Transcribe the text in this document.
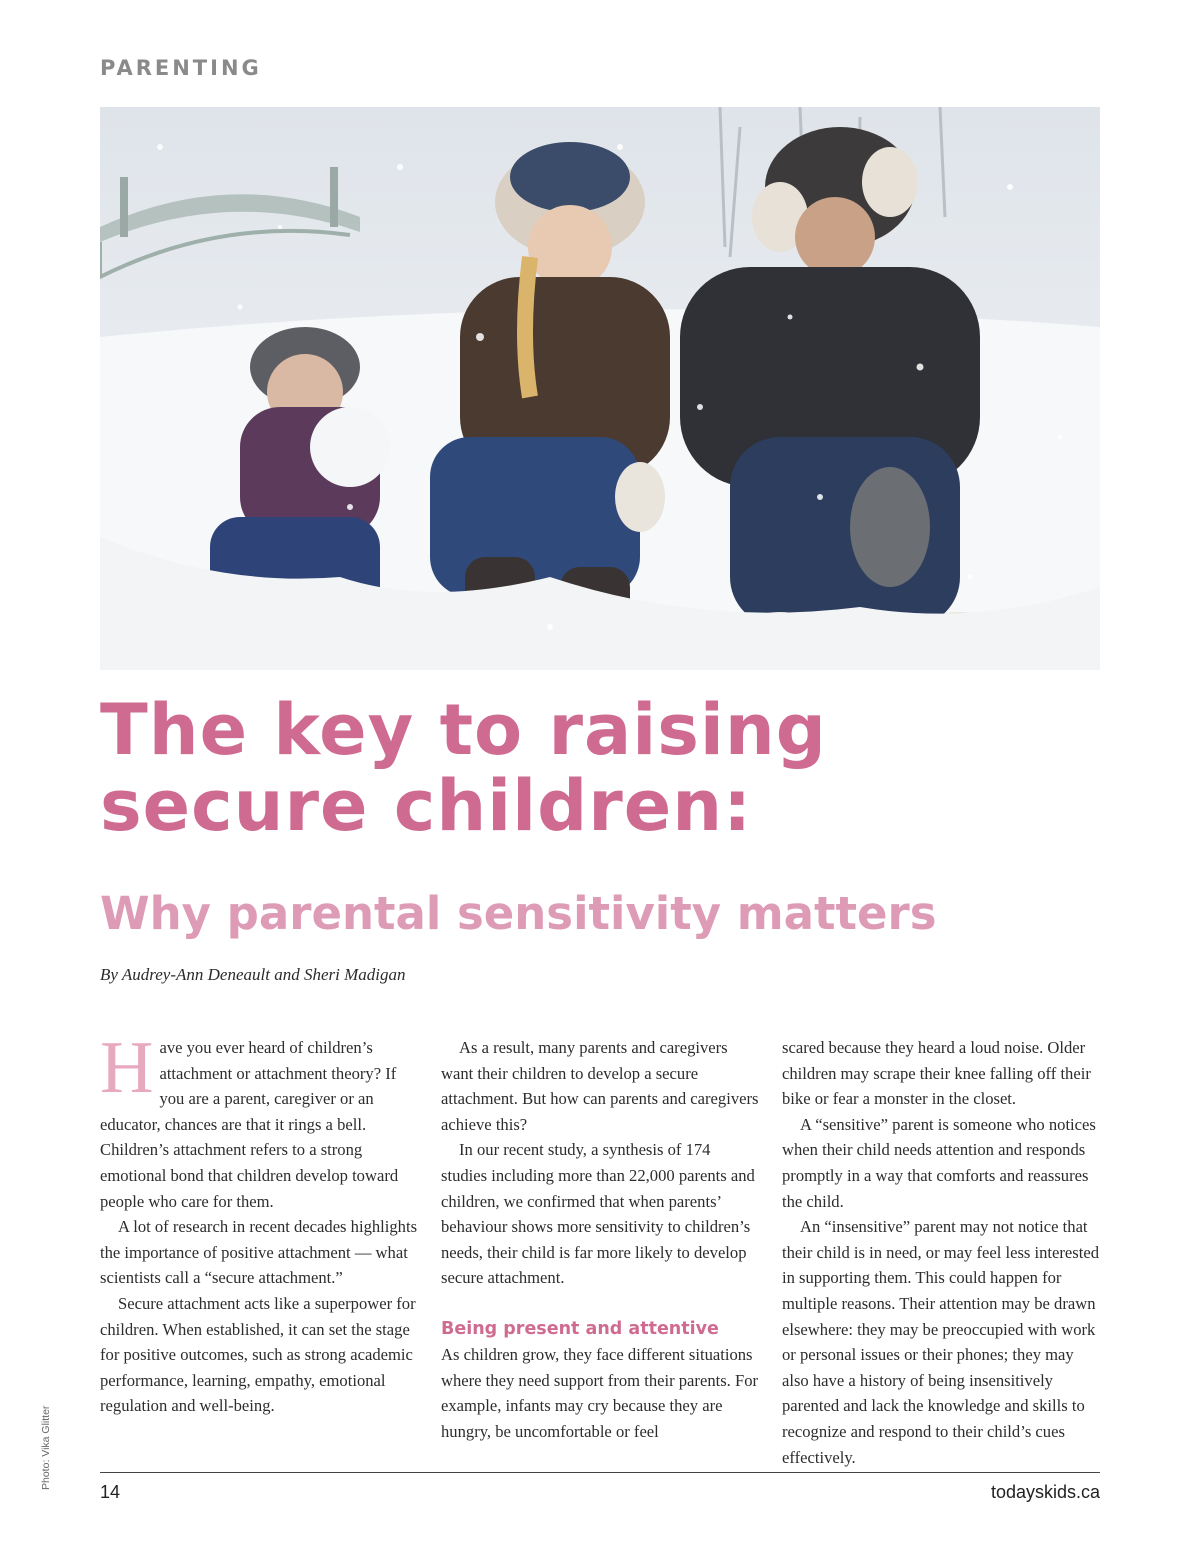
PARENTING
The key to raising
secure children:
Why parental sensitivity matters
By Audrey-Ann Deneault and Sheri Madigan

Have you ever heard of children’s attachment or attachment theory? If you are a parent, caregiver or an educator, chances are that it rings a bell. Children’s attachment refers to a strong emotional bond that children develop toward people who care for them.

A lot of research in recent decades highlights the importance of positive attachment — what scientists call a “secure attachment.”

Secure attachment acts like a superpower for children. When established, it can set the stage for positive outcomes, such as strong academic performance, learning, empathy, emotional regulation and well-being.

As a result, many parents and caregivers want their children to develop a secure attachment. But how can parents and caregivers achieve this?

In our recent study, a synthesis of 174 studies including more than 22,000 parents and children, we confirmed that when parents’ behaviour shows more sensitivity to children’s needs, their child is far more likely to develop secure attachment.

Being present and attentive

As children grow, they face different situations where they need support from their parents. For example, infants may cry because they are hungry, be uncomfortable or feel

scared because they heard a loud noise. Older children may scrape their knee falling off their bike or fear a monster in the closet.

A “sensitive” parent is someone who notices when their child needs attention and responds promptly in a way that comforts and reassures the child.

An “insensitive” parent may not notice that their child is in need, or may feel less interested in supporting them. This could happen for multiple reasons. Their attention may be drawn elsewhere: they may be preoccupied with work or personal issues or their phones; they may also have a history of being insensitively parented and lack the knowledge and skills to recognize and respond to their child’s cues effectively.

Photo: Vika Glitter
14	todayskids.ca
